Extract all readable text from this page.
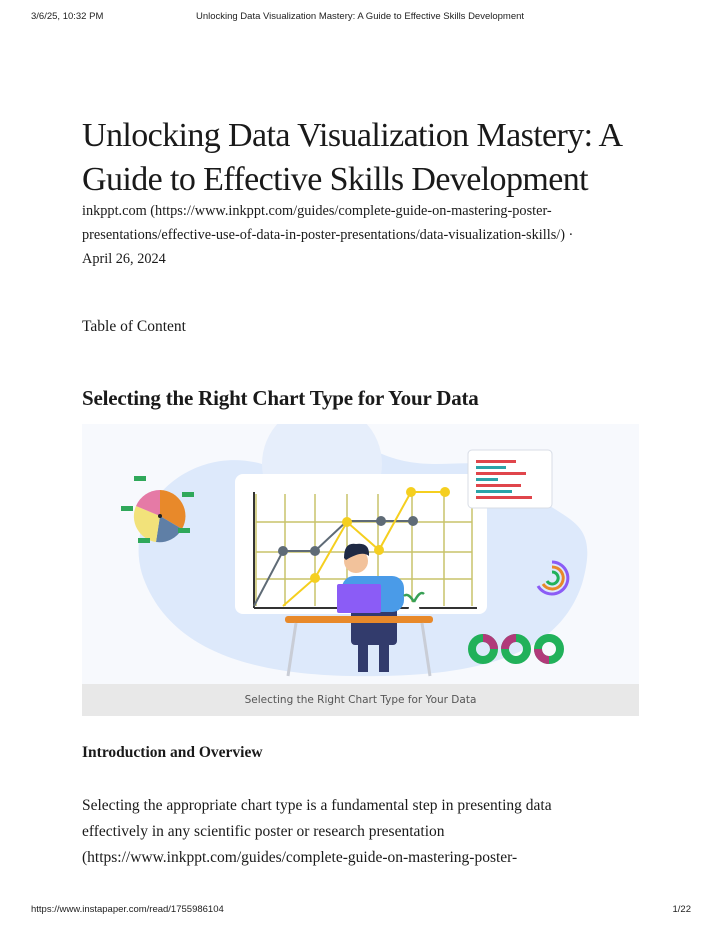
3/6/25, 10:32 PM	Unlocking Data Visualization Mastery: A Guide to Effective Skills Development
Unlocking Data Visualization Mastery: A
Guide to Effective Skills Development

inkppt.com (https://www.inkppt.com/guides/complete-guide-on-mastering-poster-
presentations/effective-use-of-data-in-poster-presentations/data-visualization-skills/) ·
April 26, 2024

Table of Content

Selecting the Right Chart Type for Your Data
Selecting the Right Chart Type for Your Data
Introduction and Overview

Selecting the appropriate chart type is a fundamental step in presenting data
effectively in any scientific poster or research presentation
(https://www.inkppt.com/guides/complete-guide-on-mastering-poster-

https://www.instapaper.com/read/1755986104	1/22
